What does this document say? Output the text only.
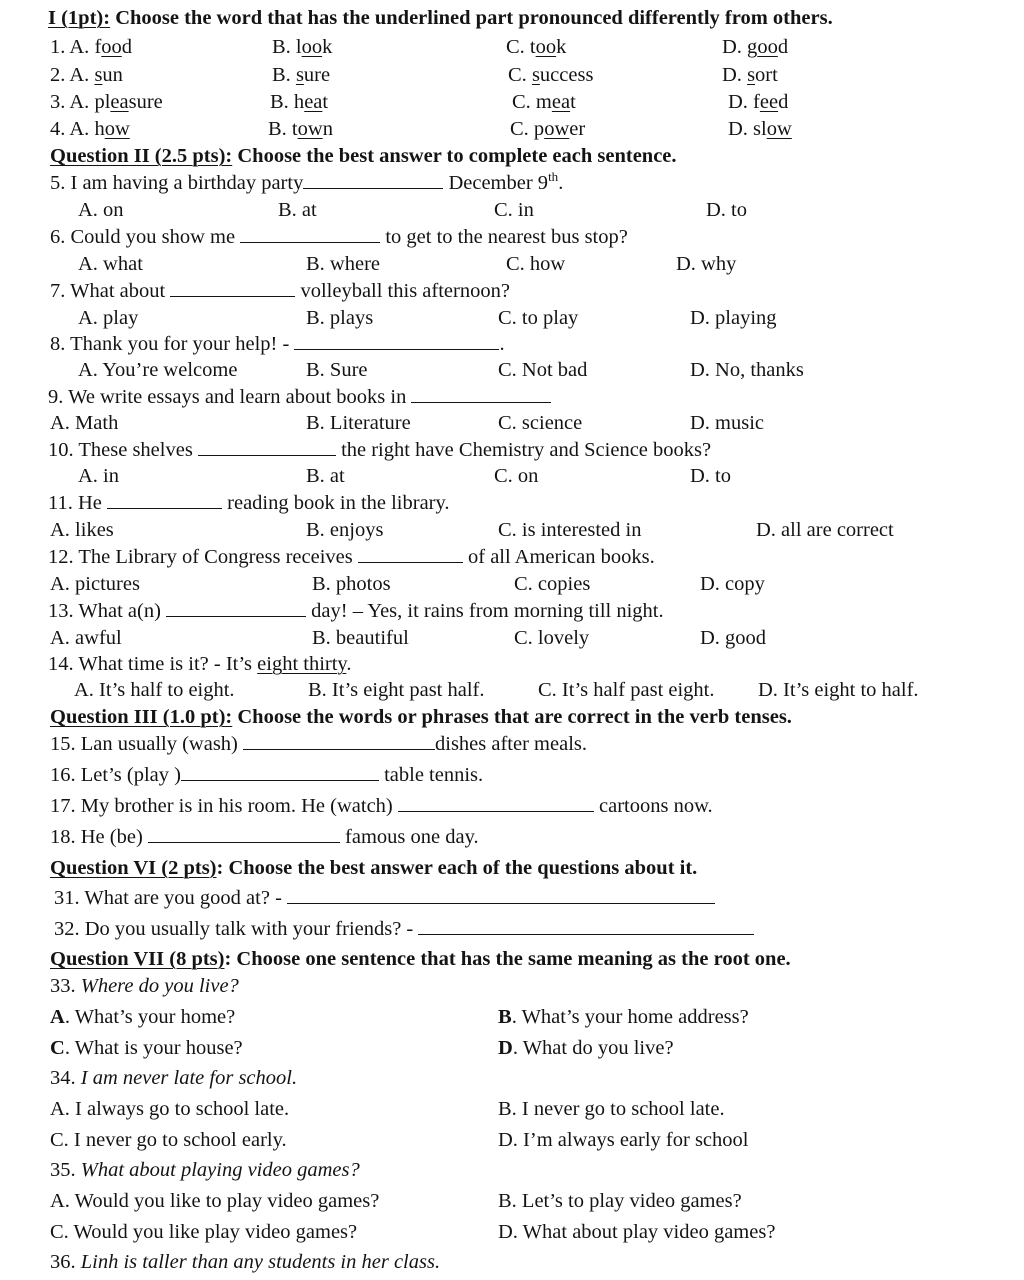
I (1pt): Choose the word that has the underlined part pronounced differently from others.
1. A. food	B. look	C. took	D. good
2. A. sun	B. sure	C. success	D. sort
3. A. pleasure	B. heat	C. meat	D. feed
4. A. how	B. town	C. power	D. slow
Question II (2.5 pts): Choose the best answer to complete each sentence.
5. I am having a birthday party	December 9th.
A. on	B. at	C. in	D. to
6. Could you show me	to get to the nearest bus stop?
A. what	B. where	C. how	D. why
7. What about	volleyball this afternoon?
A. play	B. plays	C. to play	D. playing
8. Thank you for your help! -	.
A. You’re welcome	B. Sure	C. Not bad	D. No, thanks
9. We write essays and learn about books in
A. Math	B. Literature	C. science	D. music
10. These shelves	the right have Chemistry and Science books?
A. in	B. at	C. on	D. to
11. He	reading book in the library.
A. likes	B. enjoys	C. is interested in	D. all are correct
12. The Library of Congress receives	of all American books.
A. pictures	B. photos	C. copies	D. copy
13. What a(n)	day! – Yes, it rains from morning till night.
A. awful	B. beautiful	C. lovely	D. good
14. What time is it? - It’s eight thirty.
A. It’s half to eight.	B. It’s eight past half.	C. It’s half past eight. D. It’s eight to half.
Question III (1.0 pt): Choose the words or phrases that are correct in the verb tenses.
15. Lan usually (wash)	dishes after meals.
16. Let’s (play )	table tennis.
17. My brother is in his room. He (watch)	cartoons now.
18. He (be)	famous one day.
Question VI (2 pts): Choose the best answer each of the questions about it.
31. What are you good at? -
32. Do you usually talk with your friends? -
Question VII (8 pts): Choose one sentence that has the same meaning as the root one.
33. Where do you live?
A. What’s your home?	B. What’s your home address?
C. What is your house?	D. What do you live?
34. I am never late for school.
A. I always go to school late.	B. I never go to school late.
C. I never go to school early.	D. I’m always early for school
35. What about playing video games?
A. Would you like to play video games?	B. Let’s to play video games?
C. Would you like play video games?	D. What about play video games?
36. Linh is taller than any students in her class.
